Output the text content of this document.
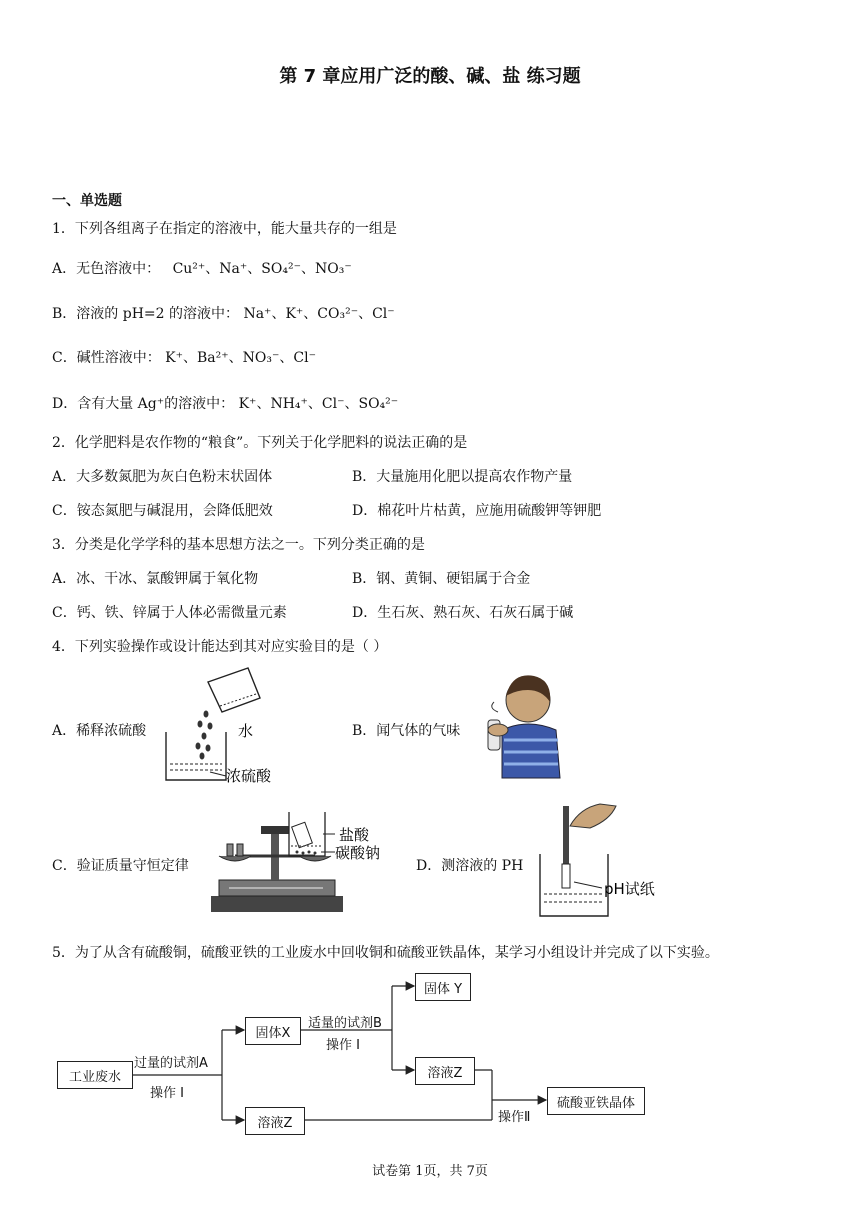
第 7 章应用广泛的酸、碱、盐 练习题
一、单选题
1．下列各组离子在指定的溶液中，能大量共存的一组是
A．无色溶液中： Cu²⁺、Na⁺、SO₄²⁻、NO₃⁻
B．溶液的 pH=2 的溶液中： Na⁺、K⁺、CO₃²⁻、Cl⁻
C．碱性溶液中： K⁺、Ba²⁺、NO₃⁻、Cl⁻
D．含有大量 Ag⁺的溶液中： K⁺、NH₄⁺、Cl⁻、SO₄²⁻
2．化学肥料是农作物的“粮食”。下列关于化学肥料的说法正确的是
A．大多数氮肥为灰白色粉末状固体	B．大量施用化肥以提高农作物产量
C．铵态氮肥与碱混用，会降低肥效	D．棉花叶片枯黄，应施用硫酸钾等钾肥
3．分类是化学学科的基本思想方法之一。下列分类正确的是
A．冰、干冰、氯酸钾属于氧化物	B．钢、黄铜、硬铝属于合金
C．钙、铁、锌属于人体必需微量元素	D．生石灰、熟石灰、石灰石属于碱
4．下列实验操作或设计能达到其对应实验目的是（ ）
A．稀释浓硫酸	水
浓硫酸
B．闻气体的气味
C．验证质量守恒定律
盐酸
碳酸钠
D．测溶液的 PH
pH试纸
5．为了从含有硫酸铜，硫酸亚铁的工业废水中回收铜和硫酸亚铁晶体，某学习小组设计并完成了以下实验。
工业废水
固体X
固体 Y
溶液Z
溶液Z
硫酸亚铁晶体
过量的试剂A
操作 I
适量的试剂B
操作 I
操作Ⅱ
试卷第 1页，共 7页
